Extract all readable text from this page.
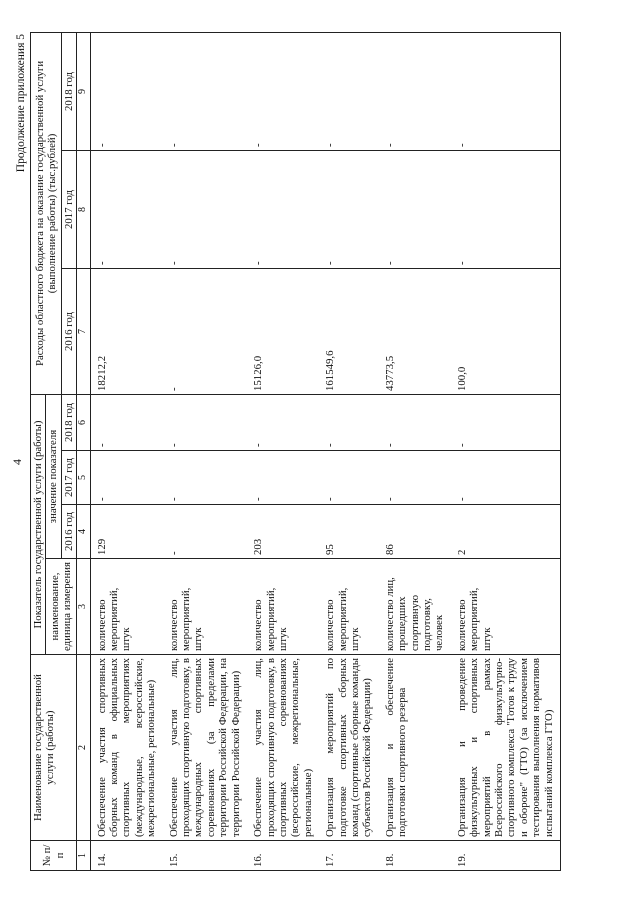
4
Продолжение приложения 5
№ п/п	Наименование государственной услуги (работы)	Показатель государственной услуги (работы)				Расходы областного бюджета на оказание государственной услуги (выполнение работы) (тыс.рублей)		
		наименование, единица измерения	значение показателя					
			2016 год	2017 год	2018 год	2016 год	2017 год	2018 год
1	2	3	4	5	6	7	8	9
14.	Обеспечение участия спортивных сборных команд в официальных спортивных мероприятиях (международные, всероссийские, межрегиональные, региональные)	количество мероприятий, штук	129	-	-	18212,2	-	-
15.	Обеспечение участия лиц, проходящих спортивную подготовку, в международных спортивных соревнованиях (за пределами территории Российской Федерации, на территории Российской Федерации)	количество мероприятий, штук	-	-	-	-	-	-
16.	Обеспечение участия лиц, проходящих спортивную подготовку, в спортивных соревнованиях (всероссийские, межрегиональные, региональные)	количество мероприятий, штук	203	-	-	15126,0	-	-
17.	Организация мероприятий по подготовке спортивных сборных команд (спортивные сборные команды субъектов Российской Федерации)	количество мероприятий, штук	95	-	-	161549,6	-	-
18.	Организация и обеспечение подготовки спортивного резерва	количество лиц, прошедших спортивную подготовку, человек	86	-	-	43773,5	-	-
19.	Организация и проведение физкультурных и спортивных мероприятий в рамках Всероссийского физкультурно-спортивного комплекса "Готов к труду и обороне" (ГТО) (за исключением тестирования выполнения нормативов испытаний комплекса ГТО)	количество мероприятий, штук	2	-	-	100,0	-	-
